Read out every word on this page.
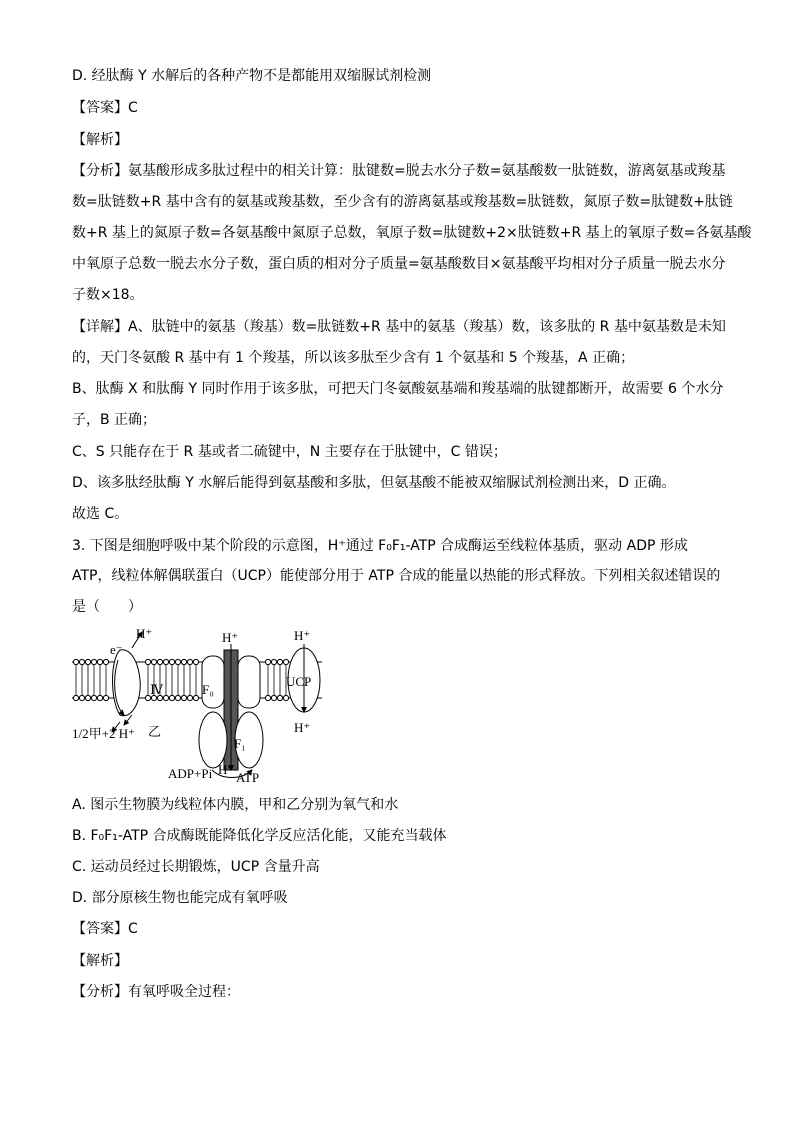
D. 经肽酶 Y 水解后的各种产物不是都能用双缩脲试剂检测
【答案】C
【解析】
【分析】氨基酸形成多肽过程中的相关计算：肽键数=脱去水分子数=氨基酸数一肽链数，游离氨基或羧基
数=肽链数+R 基中含有的氨基或羧基数，至少含有的游离氨基或羧基数=肽链数，氮原子数=肽键数+肽链
数+R 基上的氮原子数=各氨基酸中氮原子总数，氧原子数=肽键数+2×肽链数+R 基上的氧原子数=各氨基酸
中氧原子总数一脱去水分子数，蛋白质的相对分子质量=氨基酸数目×氨基酸平均相对分子质量一脱去水分
子数×18。
【详解】A、肽链中的氨基（羧基）数=肽链数+R 基中的氨基（羧基）数，该多肽的 R 基中氨基数是未知
的，天门冬氨酸 R 基中有 1 个羧基，所以该多肽至少含有 1 个氨基和 5 个羧基，A 正确；
B、肽酶 X 和肽酶 Y 同时作用于该多肽，可把天门冬氨酸氨基端和羧基端的肽键都断开，故需要 6 个水分
子，B 正确；
C、S 只能存在于 R 基或者二硫键中，N 主要存在于肽键中，C 错误；
D、该多肽经肽酶 Y 水解后能得到氨基酸和多肽，但氨基酸不能被双缩脲试剂检测出来，D 正确。
故选 C。
3. 下图是细胞呼吸中某个阶段的示意图，H⁺通过 F₀F₁-ATP 合成酶运至线粒体基质，驱动 ADP 形成
ATP，线粒体解偶联蛋白（UCP）能使部分用于 ATP 合成的能量以热能的形式释放。下列相关叙述错误的
是（　　）
H⁺
e⁻
Ⅳ
H⁺
F₀
F₁
H⁺
UCP
H⁺
1/2甲+2 H⁺ 乙
ADP+Pi H⁺
ATP
A. 图示生物膜为线粒体内膜，甲和乙分别为氧气和水
B. F₀F₁-ATP 合成酶既能降低化学反应活化能，又能充当载体
C. 运动员经过长期锻炼，UCP 含量升高
D. 部分原核生物也能完成有氧呼吸
【答案】C
【解析】
【分析】有氧呼吸全过程：
